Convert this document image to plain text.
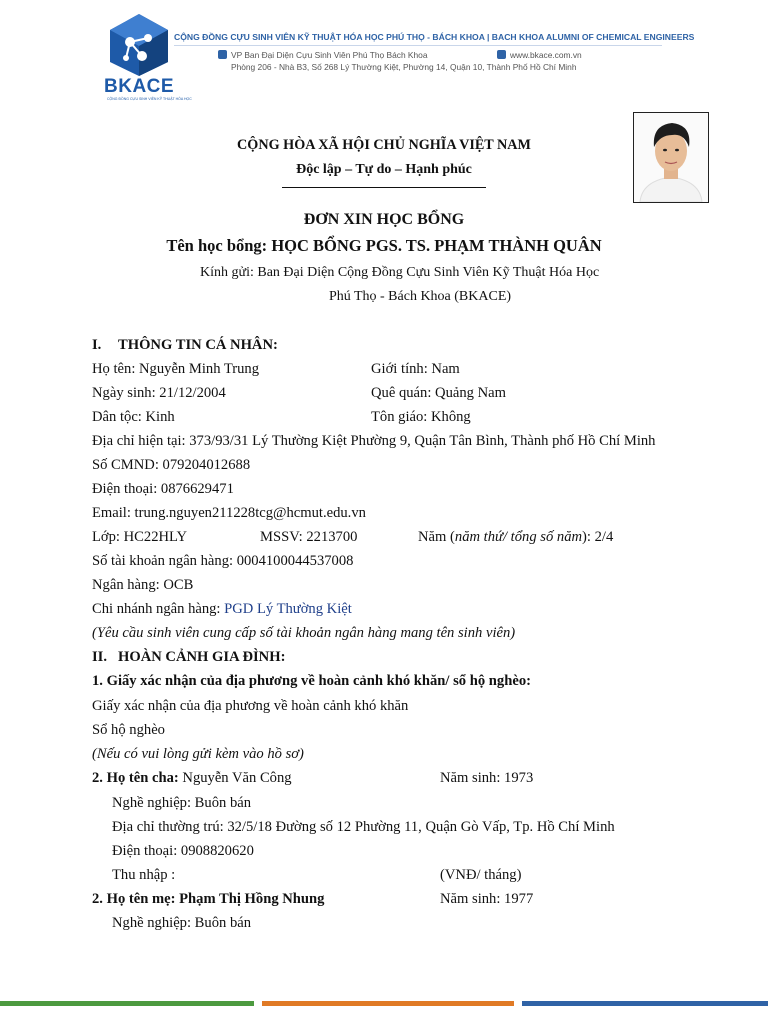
BKACE
CỘNG ĐỒNG CỰU SINH VIÊN KỸ THUẬT HÓA HỌC
CỘNG ĐỒNG CỰU SINH VIÊN KỸ THUẬT HÓA HỌC PHÚ THỌ - BÁCH KHOA | BACH KHOA ALUMNI OF CHEMICAL ENGINEERS
VP Ban Đại Diện Cựu Sinh Viên Phú Thọ Bách Khoa	www.bkace.com.vn
Phòng 206 - Nhà B3, Số 268 Lý Thường Kiệt, Phường 14, Quận 10, Thành Phố Hồ Chí Minh
CỘNG HÒA XÃ HỘI CHỦ NGHĨA VIỆT NAM
Độc lập – Tự do – Hạnh phúc
ĐƠN XIN HỌC BỔNG
Tên học bổng: HỌC BỔNG PGS. TS. PHẠM THÀNH QUÂN
Kính gửi: Ban Đại Diện Cộng Đồng Cựu Sinh Viên Kỹ Thuật Hóa Học
Phú Thọ - Bách Khoa (BKACE)
I. THÔNG TIN CÁ NHÂN:
Họ tên: Nguyễn Minh Trung	Giới tính: Nam
Ngày sinh: 21/12/2004	Quê quán: Quảng Nam
Dân tộc: Kinh	Tôn giáo: Không
Địa chỉ hiện tại: 373/93/31 Lý Thường Kiệt Phường 9, Quận Tân Bình, Thành phố Hồ Chí Minh
Số CMND: 079204012688
Điện thoại: 0876629471
Email: trung.nguyen211228tcg@hcmut.edu.vn
Lớp: HC22HLY	MSSV: 2213700	Năm (năm thứ/ tổng số năm): 2/4
Số tài khoản ngân hàng: 0004100044537008
Ngân hàng: OCB
Chi nhánh ngân hàng: PGD Lý Thường Kiệt
(Yêu cầu sinh viên cung cấp số tài khoản ngân hàng mang tên sinh viên)
II. HOÀN CẢNH GIA ĐÌNH:
1. Giấy xác nhận của địa phương về hoàn cảnh khó khăn/ sổ hộ nghèo:
Giấy xác nhận của địa phương về hoàn cảnh khó khăn
Sổ hộ nghèo
(Nếu có vui lòng gửi kèm vào hồ sơ)
2. Họ tên cha: Nguyễn Văn Công	Năm sinh: 1973
Nghề nghiệp: Buôn bán
Địa chỉ thường trú: 32/5/18 Đường số 12 Phường 11, Quận Gò Vấp, Tp. Hồ Chí Minh
Điện thoại: 0908820620
Thu nhập :	(VNĐ/ tháng)
2. Họ tên mẹ: Phạm Thị Hồng Nhung	Năm sinh: 1977
Nghề nghiệp: Buôn bán
